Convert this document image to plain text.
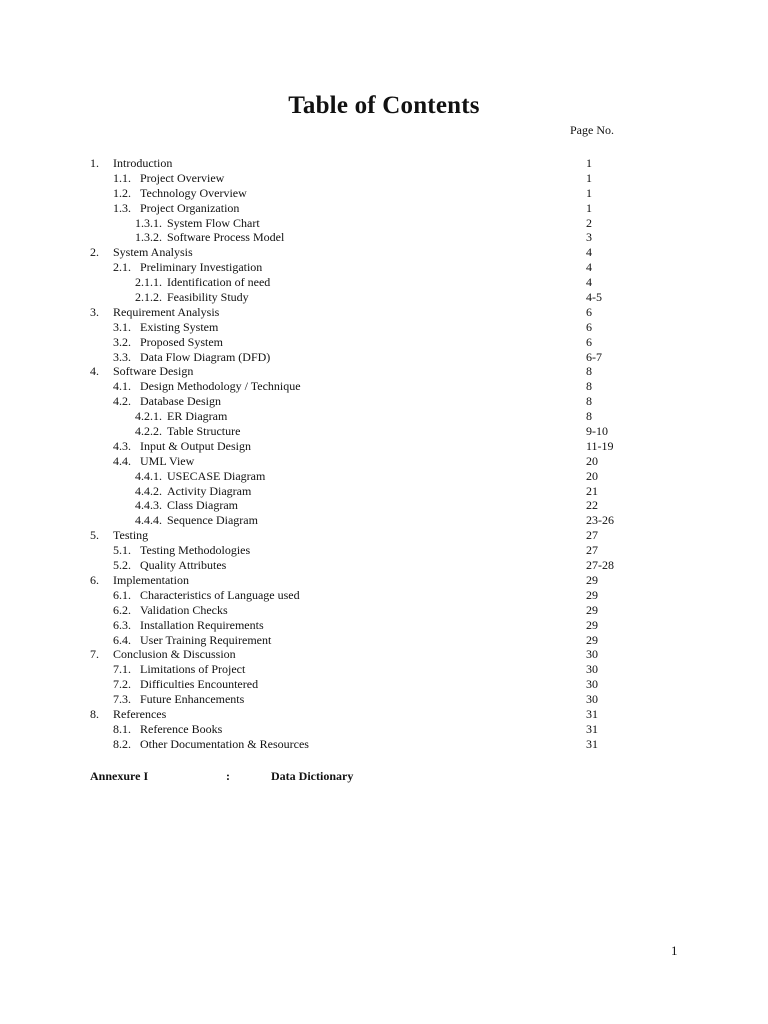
Table of Contents
Page No.
1. Introduction	1
1.1. Project Overview	1
1.2. Technology Overview	1
1.3. Project Organization	1
1.3.1. System Flow Chart	2
1.3.2. Software Process Model	3
2. System Analysis	4
2.1. Preliminary Investigation	4
2.1.1. Identification of need	4
2.1.2. Feasibility Study	4-5
3. Requirement Analysis	6
3.1. Existing System	6
3.2. Proposed System	6
3.3. Data Flow Diagram (DFD)	6-7
4. Software Design	8
4.1. Design Methodology / Technique	8
4.2. Database Design	8
4.2.1. ER Diagram	8
4.2.2. Table Structure	9-10
4.3. Input & Output Design	11-19
4.4. UML View	20
4.4.1. USECASE Diagram	20
4.4.2. Activity Diagram	21
4.4.3. Class Diagram	22
4.4.4. Sequence Diagram	23-26
5. Testing	27
5.1. Testing Methodologies	27
5.2. Quality Attributes	27-28
6. Implementation	29
6.1. Characteristics of Language used	29
6.2. Validation Checks	29
6.3. Installation Requirements	29
6.4. User Training Requirement	29
7. Conclusion & Discussion	30
7.1. Limitations of Project	30
7.2. Difficulties Encountered	30
7.3. Future Enhancements	30
8. References	31
8.1. Reference Books	31
8.2. Other Documentation & Resources	31
Annexure I	:	Data Dictionary
1
